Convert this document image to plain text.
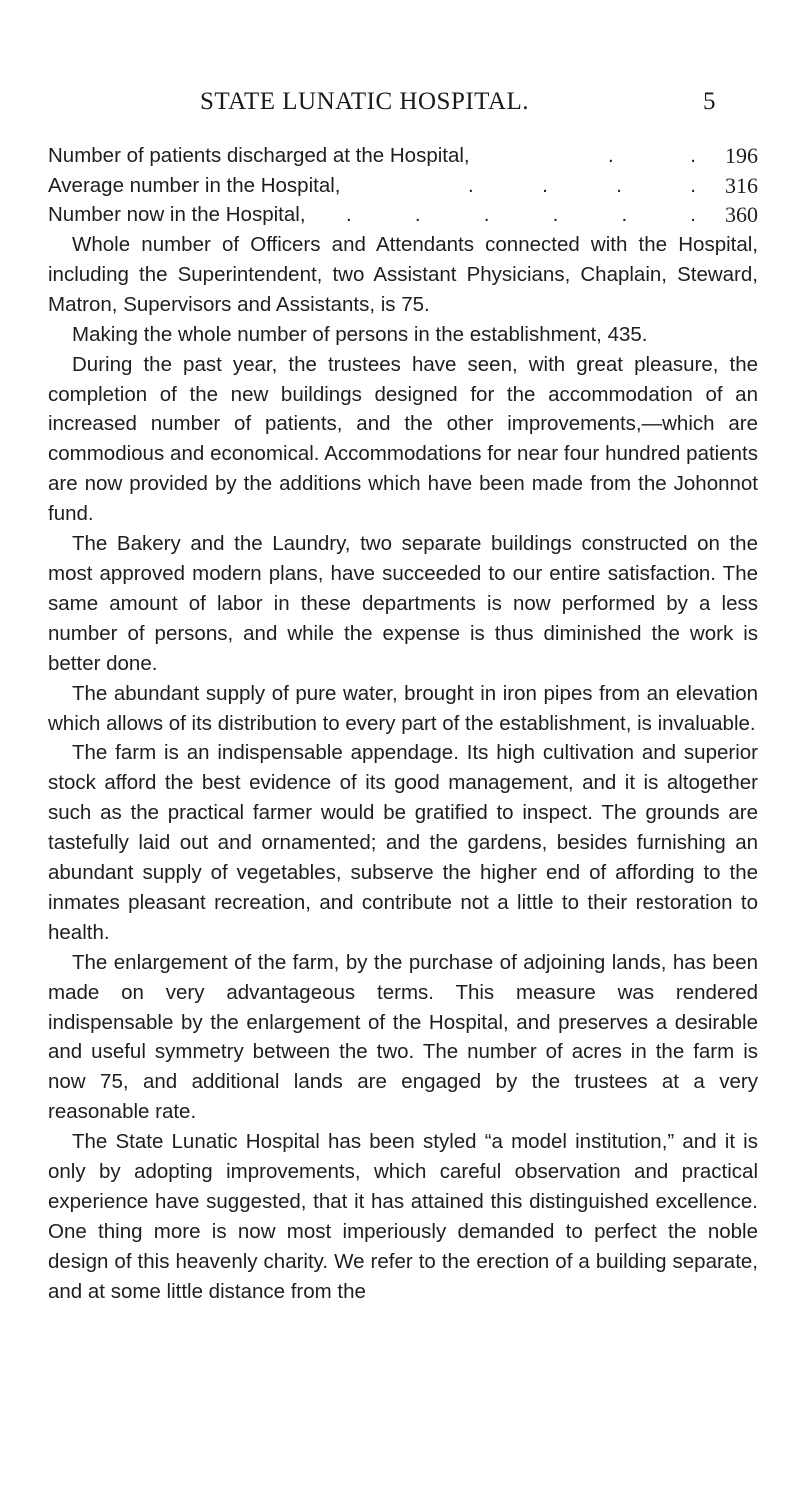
STATE LUNATIC HOSPITAL.	5
Number of patients discharged at the Hospital,	.	. 196
Average number in the Hospital,	.	.	.	. 316
Number now in the Hospital, .	.	.	.	.	. 360

Whole number of Officers and Attendants connected with the Hospital, including the Superintendent, two Assistant Physicians, Chaplain, Steward, Matron, Supervisors and Assistants, is 75.

Making the whole number of persons in the establishment, 435.

During the past year, the trustees have seen, with great pleasure, the completion of the new buildings designed for the accommodation of an increased number of patients, and the other improvements,—which are commodious and economical. Accommodations for near four hundred patients are now provided by the additions which have been made from the Johonnot fund.

The Bakery and the Laundry, two separate buildings constructed on the most approved modern plans, have succeeded to our entire satisfaction. The same amount of labor in these departments is now performed by a less number of persons, and while the expense is thus diminished the work is better done.

The abundant supply of pure water, brought in iron pipes from an elevation which allows of its distribution to every part of the establishment, is invaluable.

The farm is an indispensable appendage. Its high cultivation and superior stock afford the best evidence of its good management, and it is altogether such as the practical farmer would be gratified to inspect. The grounds are tastefully laid out and ornamented; and the gardens, besides furnishing an abundant supply of vegetables, subserve the higher end of affording to the inmates pleasant recreation, and contribute not a little to their restoration to health.

The enlargement of the farm, by the purchase of adjoining lands, has been made on very advantageous terms. This measure was rendered indispensable by the enlargement of the Hospital, and preserves a desirable and useful symmetry between the two. The number of acres in the farm is now 75, and additional lands are engaged by the trustees at a very reasonable rate.

The State Lunatic Hospital has been styled “a model institution,” and it is only by adopting improvements, which careful observation and practical experience have suggested, that it has attained this distinguished excellence. One thing more is now most imperiously demanded to perfect the noble design of this heavenly charity. We refer to the erection of a building separate, and at some little distance from the
